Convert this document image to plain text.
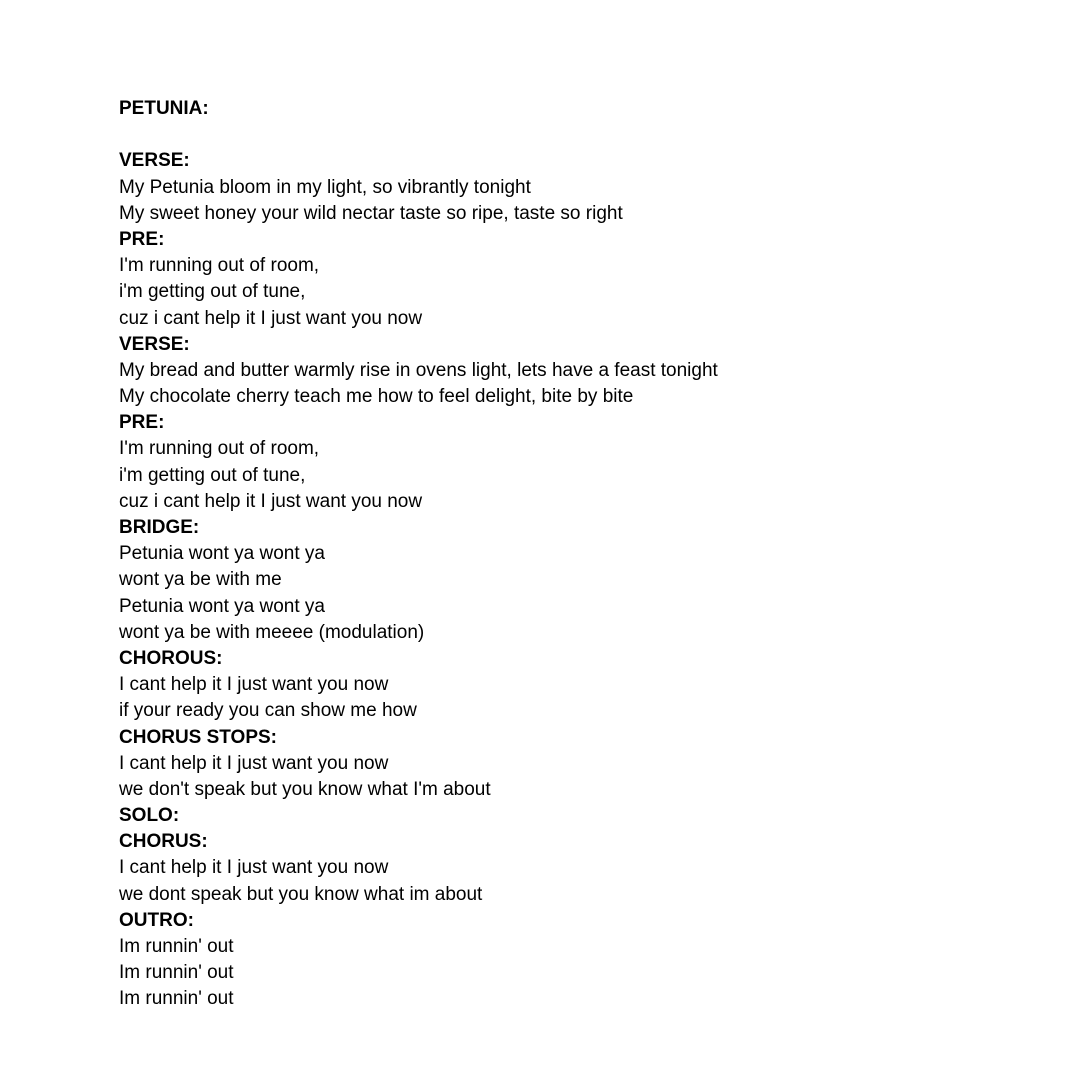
PETUNIA:
VERSE:
My Petunia bloom in my light, so vibrantly tonight
My sweet honey your wild nectar taste so ripe, taste so right
PRE:
I'm running out of room,
i'm getting out of tune,
cuz i cant help it I just want you now
VERSE:
My bread and butter warmly rise in ovens light, lets have a feast tonight
My chocolate cherry teach me how to feel delight, bite by bite
PRE:
I'm running out of room,
i'm getting out of tune,
cuz i cant help it I just want you now
BRIDGE:
Petunia wont ya wont ya
wont ya be with me
Petunia wont ya wont ya
wont ya be with meeee (modulation)
CHOROUS:
I cant help it I just want you now
if your ready you can show me how
CHORUS STOPS:
I cant help it I just want you now
we don't speak but you know what I'm about
SOLO:
CHORUS:
I cant help it I just want you now
we dont speak but you know what im about
OUTRO:
Im runnin' out
Im runnin' out
Im runnin' out
